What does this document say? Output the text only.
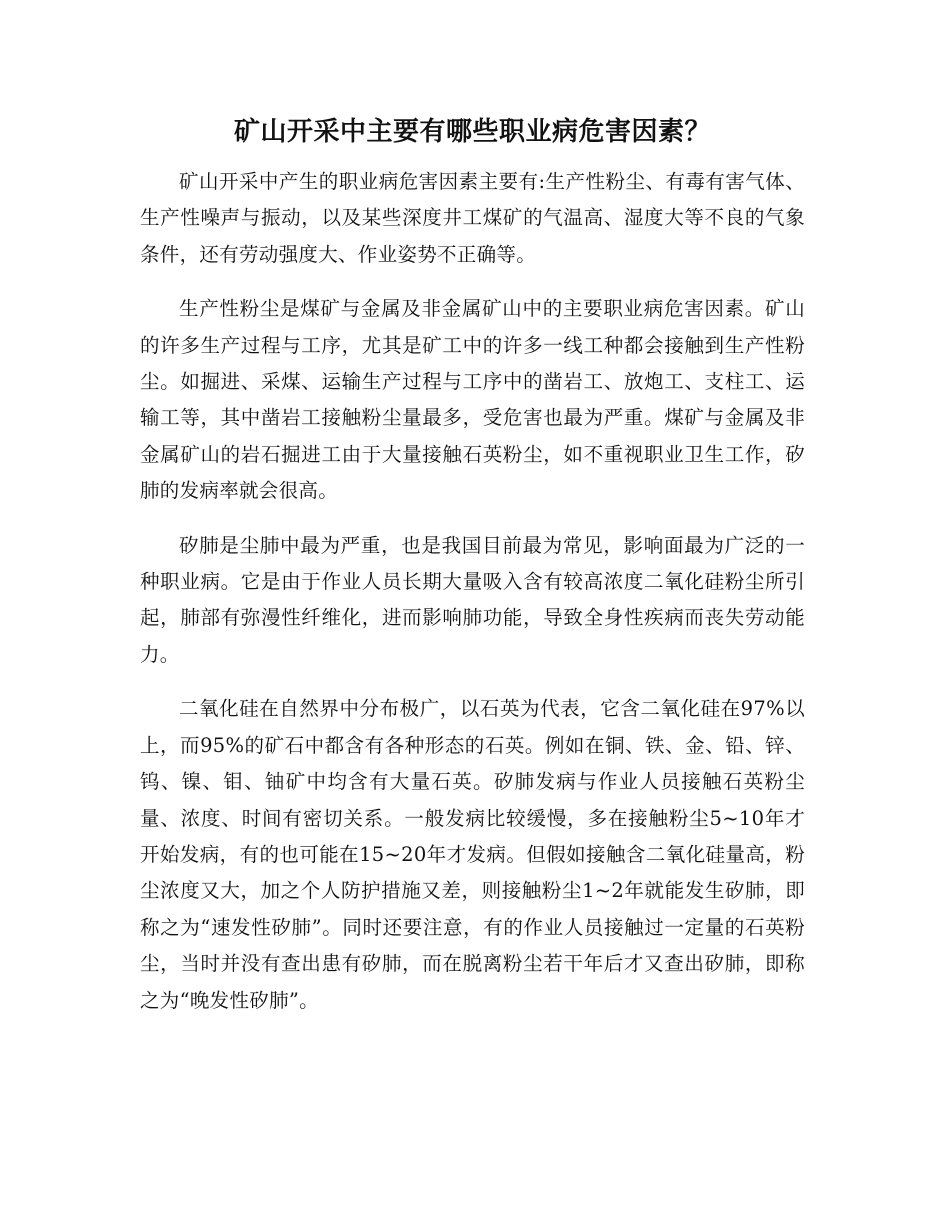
矿山开采中主要有哪些职业病危害因素？

矿山开采中产生的职业病危害因素主要有:生产性粉尘、有毒有害气体、生产性噪声与振动，以及某些深度井工煤矿的气温高、湿度大等不良的气象条件，还有劳动强度大、作业姿势不正确等。

生产性粉尘是煤矿与金属及非金属矿山中的主要职业病危害因素。矿山的许多生产过程与工序，尤其是矿工中的许多一线工种都会接触到生产性粉尘。如掘进、采煤、运输生产过程与工序中的凿岩工、放炮工、支柱工、运输工等，其中凿岩工接触粉尘量最多，受危害也最为严重。煤矿与金属及非金属矿山的岩石掘进工由于大量接触石英粉尘，如不重视职业卫生工作，矽肺的发病率就会很高。

矽肺是尘肺中最为严重，也是我国目前最为常见，影响面最为广泛的一种职业病。它是由于作业人员长期大量吸入含有较高浓度二氧化硅粉尘所引起，肺部有弥漫性纤维化，进而影响肺功能，导致全身性疾病而丧失劳动能力。

二氧化硅在自然界中分布极广，以石英为代表，它含二氧化硅在97%以上，而95%的矿石中都含有各种形态的石英。例如在铜、铁、金、铅、锌、钨、镍、钼、铀矿中均含有大量石英。矽肺发病与作业人员接触石英粉尘量、浓度、时间有密切关系。一般发病比较缓慢，多在接触粉尘5~10年才开始发病，有的也可能在15~20年才发病。但假如接触含二氧化硅量高，粉尘浓度又大，加之个人防护措施又差，则接触粉尘1~2年就能发生矽肺，即称之为“速发性矽肺”。同时还要注意，有的作业人员接触过一定量的石英粉尘，当时并没有查出患有矽肺，而在脱离粉尘若干年后才又查出矽肺，即称之为“晚发性矽肺”。
